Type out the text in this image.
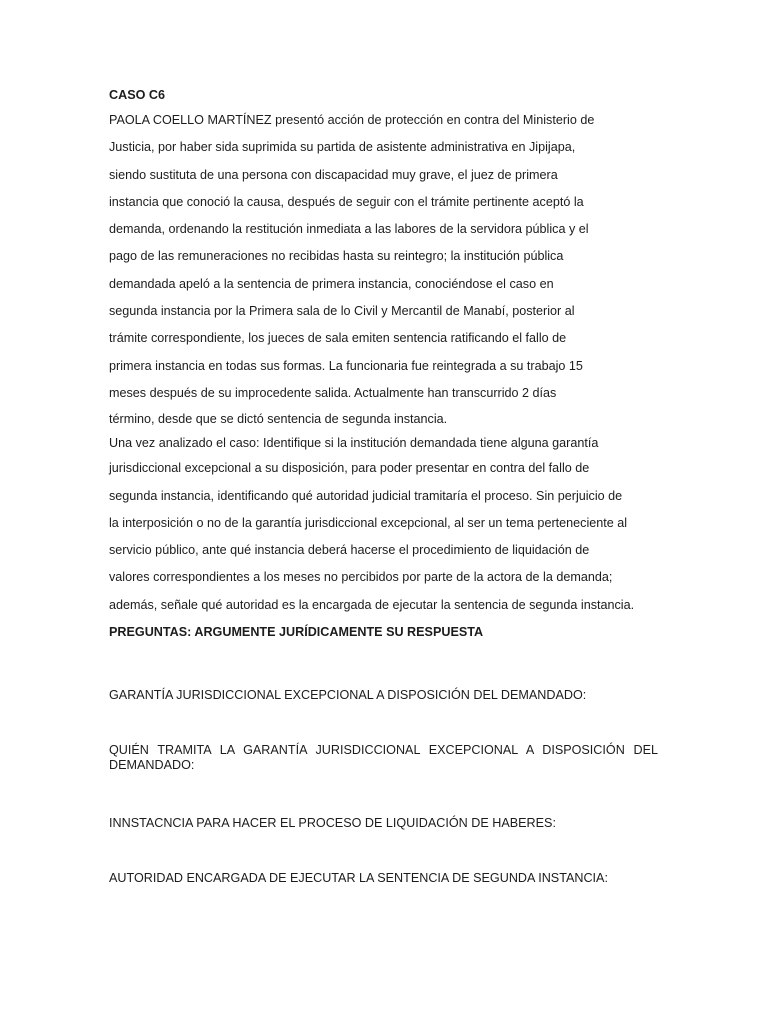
CASO C6

PAOLA COELLO MARTÍNEZ presentó acción de protección en contra del Ministerio de

Justicia, por haber sida suprimida su partida de asistente administrativa en Jipijapa,

siendo sustituta de una persona con discapacidad muy grave, el juez de primera

instancia que conoció la causa, después de seguir con el trámite pertinente aceptó la

demanda, ordenando la restitución inmediata a las labores de la servidora pública y el

pago de las remuneraciones no recibidas hasta su reintegro; la institución pública

demandada apeló a la sentencia de primera instancia, conociéndose el caso en

segunda instancia por la Primera sala de lo Civil y Mercantil de Manabí, posterior al

trámite correspondiente, los jueces de sala emiten sentencia ratificando el fallo de

primera instancia en todas sus formas. La funcionaria fue reintegrada a su trabajo 15

meses después de su improcedente salida. Actualmente han transcurrido 2 días

término, desde que se dictó sentencia de segunda instancia.

Una vez analizado el caso: Identifique si la institución demandada tiene alguna garantía

jurisdiccional excepcional a su disposición, para poder presentar en contra del fallo de

segunda instancia, identificando qué autoridad judicial tramitaría el proceso. Sin perjuicio de

la interposición o no de la garantía jurisdiccional excepcional, al ser un tema perteneciente al

servicio público, ante qué instancia deberá hacerse el procedimiento de liquidación de

valores correspondientes a los meses no percibidos por parte de la actora de la demanda;

además, señale qué autoridad es la encargada de ejecutar la sentencia de segunda instancia.

PREGUNTAS: ARGUMENTE JURÍDICAMENTE SU RESPUESTA

GARANTÍA JURISDICCIONAL EXCEPCIONAL A DISPOSICIÓN DEL DEMANDADO:

QUIÉN TRAMITA LA GARANTÍA JURISDICCIONAL EXCEPCIONAL A DISPOSICIÓN DEL
DEMANDADO:

INNSTACNCIA PARA HACER EL PROCESO DE LIQUIDACIÓN DE HABERES:

AUTORIDAD ENCARGADA DE EJECUTAR LA SENTENCIA DE SEGUNDA INSTANCIA:
